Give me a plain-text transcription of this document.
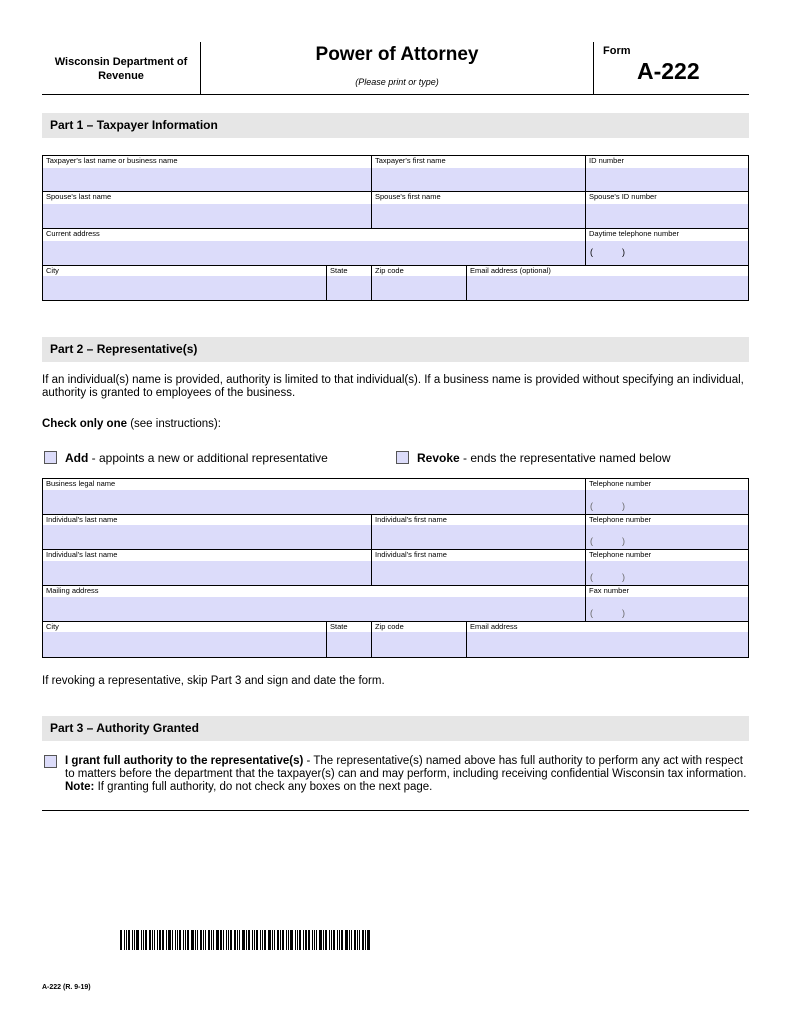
Wisconsin Department of Revenue
Power of Attorney
(Please print or type)
Form
A-222
Part 1 – Taxpayer Information
Taxpayer's last name or business name	Taxpayer's first name	ID number
Spouse's last name	Spouse's first name	Spouse's ID number
Current address	Daytime telephone number
(	)
City	State	Zip code	Email address (optional)
Part 2 – Representative(s)
If an individual(s) name is provided, authority is limited to that individual(s). If a business name is provided without specifying an individual, authority is granted to employees of the business.
Check only one (see instructions):
Add - appoints a new or additional representative	Revoke - ends the representative named below
Business legal name	Telephone number
(	)
Individual's last name	Individual's first name	Telephone number
(	)
Individual's last name	Individual's first name	Telephone number
(	)
Mailing address	Fax number
(	)
City	State	Zip code	Email address
If revoking a representative, skip Part 3 and sign and date the form.
Part 3 – Authority Granted
I grant full authority to the representative(s) - The representative(s) named above has full authority to perform any act with respect to matters before the department that the taxpayer(s) can and may perform, including receiving confidential Wisconsin tax information. Note: If granting full authority, do not check any boxes on the next page.
A-222 (R. 9-19)
